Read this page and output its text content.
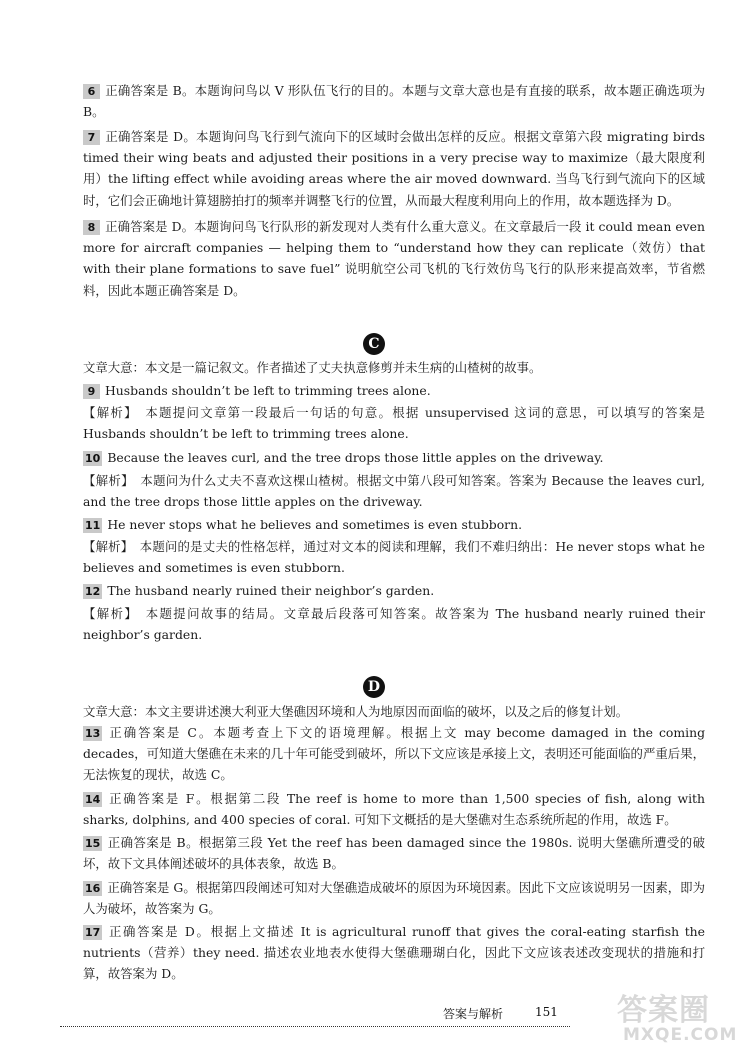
6 正确答案是 B。本题询问鸟以 V 形队伍飞行的目的。本题与文章大意也是有直接的联系，故本题正确选项为 B。
7 正确答案是 D。本题询问鸟飞行到气流向下的区域时会做出怎样的反应。根据文章第六段 migrating birds timed their wing beats and adjusted their positions in a very precise way to maximize（最大限度利用）the lifting effect while avoiding areas where the air moved downward. 当鸟飞行到气流向下的区域时，它们会正确地计算翅膀拍打的频率并调整飞行的位置，从而最大程度利用向上的作用，故本题选择为 D。
8 正确答案是 D。本题询问鸟飞行队形的新发现对人类有什么重大意义。在文章最后一段 it could mean even more for aircraft companies — helping them to “understand how they can replicate（效仿）that with their plane formations to save fuel” 说明航空公司飞机的飞行效仿鸟飞行的队形来提高效率，节省燃料，因此本题正确答案是 D。
C
文章大意：本文是一篇记叙文。作者描述了丈夫执意修剪并未生病的山楂树的故事。
9 Husbands shouldn’t be left to trimming trees alone.
【解析】　本题提问文章第一段最后一句话的句意。根据 unsupervised 这词的意思，可以填写的答案是 Husbands shouldn’t be left to trimming trees alone.
10 Because the leaves curl, and the tree drops those little apples on the driveway.
【解析】　本题问为什么丈夫不喜欢这棵山楂树。根据文中第八段可知答案。答案为 Because the leaves curl, and the tree drops those little apples on the driveway.
11 He never stops what he believes and sometimes is even stubborn.
【解析】　本题问的是丈夫的性格怎样，通过对文本的阅读和理解，我们不难归纳出：He never stops what he believes and sometimes is even stubborn.
12 The husband nearly ruined their neighbor’s garden.
【解析】　本题提问故事的结局。文章最后段落可知答案。故答案为 The husband nearly ruined their neighbor’s garden.
D
文章大意：本文主要讲述澳大利亚大堡礁因环境和人为地原因而面临的破坏，以及之后的修复计划。
13 正确答案是 C。本题考查上下文的语境理解。根据上文 may become damaged in the coming decades，可知道大堡礁在未来的几十年可能受到破坏，所以下文应该是承接上文，表明还可能面临的严重后果，无法恢复的现状，故选 C。
14 正确答案是 F。根据第二段 The reef is home to more than 1,500 species of fish, along with sharks, dolphins, and 400 species of coral. 可知下文概括的是大堡礁对生态系统所起的作用，故选 F。
15 正确答案是 B。根据第三段 Yet the reef has been damaged since the 1980s. 说明大堡礁所遭受的破坏，故下文具体阐述破坏的具体表象，故选 B。
16 正确答案是 G。根据第四段阐述可知对大堡礁造成破坏的原因为环境因素。因此下文应该说明另一因素，即为人为破坏，故答案为 G。
17 正确答案是 D。根据上文描述 It is agricultural runoff that gives the coral-eating starfish the nutrients（营养）they need. 描述农业地表水使得大堡礁珊瑚白化，因此下文应该表述改变现状的措施和打算，故答案为 D。
答案与解析	151 答案圈
MXQE.COM
